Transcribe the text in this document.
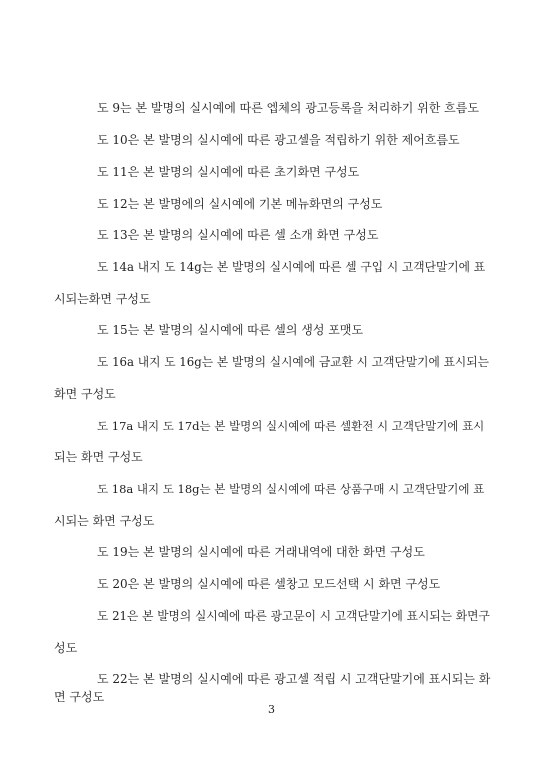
도 9는 본 발명의 실시예에 따른 엡체의 광고등록을 처리하기 위한 흐름도
도 10은 본 발명의 실시예에 따른 광고셀을 적립하기 위한 제어흐름도
도 11은 본 발명의 실시예에 따른 초기화면 구성도
도 12는 본 발명에의 실시예에 기본 메뉴화면의 구성도
도 13은 본 발명의 실시예에 따른 셀 소개 화면 구성도
도 14a 내지 도 14g는 본 발명의 실시예에 따른 셀 구입 시 고객단말기에 표
시되는화면 구성도
도 15는 본 발명의 실시예에 따른 셀의 생성 포맷도
도 16a 내지 도 16g는 본 발명의 실시예에 금교환 시 고객단말기에 표시되는
화면 구성도
도 17a 내지 도 17d는 본 발명의 실시예에 따른 셀환전 시 고객단말기에 표시
되는 화면 구성도
도 18a 내지 도 18g는 본 발명의 실시예에 따른 상품구매 시 고객단말기에 표
시되는 화면 구성도
도 19는 본 발명의 실시예에 따른 거래내역에 대한 화면 구성도
도 20은 본 발명의 실시예에 따른 셀창고 모드선택 시 화면 구성도
도 21은 본 발명의 실시예에 따른 광고문이 시 고객단말기에 표시되는 화면구
성도
도 22는 본 발명의 실시예에 따른 광고셀 적립 시 고객단말기에 표시되는 화
면 구성도
3
